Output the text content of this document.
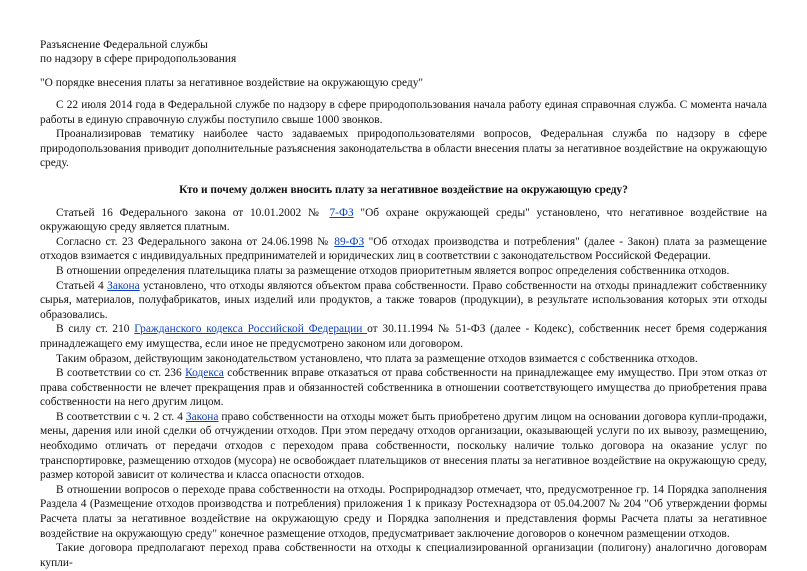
Разъяснение Федеральной службы
по надзору в сфере природопользования
"О порядке внесения платы за негативное воздействие на окружающую среду"

С 22 июля 2014 года в Федеральной службе по надзору в сфере природопользования начала работу единая справочная служба. С момента начала работы в единую справочную службы поступило свыше 1000 звонков.

Проанализировав тематику наиболее часто задаваемых природопользователями вопросов, Федеральная служба по надзору в сфере природопользования приводит дополнительные разъяснения законодательства в области внесения платы за негативное воздействие на окружающую среду.

Кто и почему должен вносить плату за негативное воздействие на окружающую среду?

Статьей 16 Федерального закона от 10.01.2002 № 7-ФЗ "Об охране окружающей среды" установлено, что негативное воздействие на окружающую среду является платным.

Согласно ст. 23 Федерального закона от 24.06.1998 № 89-ФЗ "Об отходах производства и потребления" (далее - Закон) плата за размещение отходов взимается с индивидуальных предпринимателей и юридических лиц в соответствии с законодательством Российской Федерации.

В отношении определения плательщика платы за размещение отходов приоритетным является вопрос определения собственника отходов.

Статьей 4 Закона установлено, что отходы являются объектом права собственности. Право собственности на отходы принадлежит собственнику сырья, материалов, полуфабрикатов, иных изделий или продуктов, а также товаров (продукции), в результате использования которых эти отходы образовались.

В силу ст. 210 Гражданского кодекса Российской Федерации от 30.11.1994 № 51-ФЗ (далее - Кодекс), собственник несет бремя содержания принадлежащего ему имущества, если иное не предусмотрено законом или договором.

Таким образом, действующим законодательством установлено, что плата за размещение отходов взимается с собственника отходов.

В соответствии со ст. 236 Кодекса собственник вправе отказаться от права собственности на принадлежащее ему имущество. При этом отказ от права собственности не влечет прекращения прав и обязанностей собственника в отношении соответствующего имущества до приобретения права собственности на него другим лицом.

В соответствии с ч. 2 ст. 4 Закона право собственности на отходы может быть приобретено другим лицом на основании договора купли-продажи, мены, дарения или иной сделки об отчуждении отходов. При этом передачу отходов организации, оказывающей услуги по их вывозу, размещению, необходимо отличать от передачи отходов с переходом права собственности, поскольку наличие только договора на оказание услуг по транспортировке, размещению отходов (мусора) не освобождает плательщиков от внесения платы за негативное воздействие на окружающую среду, размер которой зависит от количества и класса опасности отходов.

В отношении вопросов о переходе права собственности на отходы. Росприроднадзор отмечает, что, предусмотренное гр. 14 Порядка заполнения Раздела 4 (Размещение отходов производства и потребления) приложения 1 к приказу Ростехнадзора от 05.04.2007 № 204 "Об утверждении формы Расчета платы за негативное воздействие на окружающую среду и Порядка заполнения и представления формы Расчета платы за негативное воздействие на окружающую среду" конечное размещение отходов, предусматривает заключение договоров о конечном размещении отходов.

Такие договора предполагают переход права собственности на отходы к специализированной организации (полигону) аналогично договорам купли-
